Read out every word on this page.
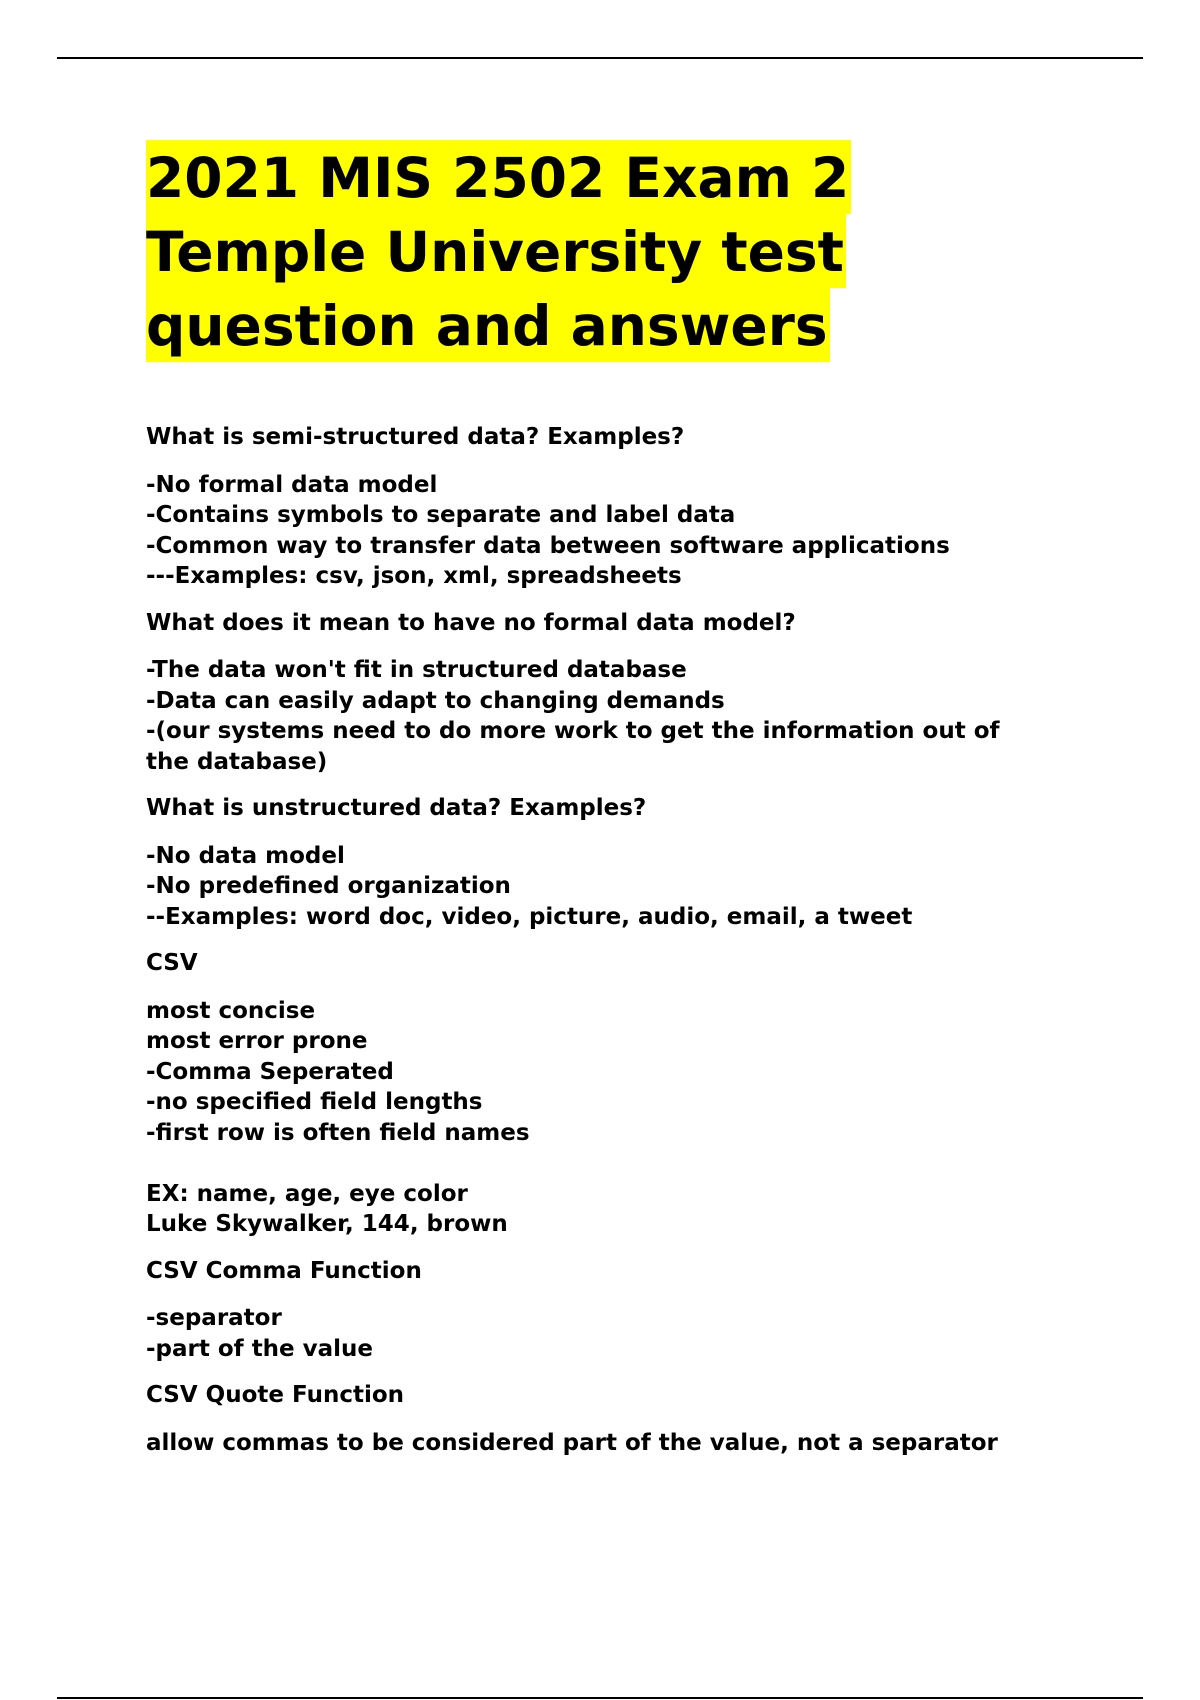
2021 MIS 2502 Exam 2
Temple University test
question and answers

What is semi-structured data? Examples?

-No formal data model

-Contains symbols to separate and label data

-Common way to transfer data between software applications

---Examples: csv, json, xml, spreadsheets

What does it mean to have no formal data model?

-The data won't fit in structured database

-Data can easily adapt to changing demands

-(our systems need to do more work to get the information out of

the database)

What is unstructured data? Examples?

-No data model

-No predefined organization

--Examples: word doc, video, picture, audio, email, a tweet

CSV

most concise

most error prone

-Comma Seperated

-no specified field lengths

-first row is often field names

EX: name, age, eye color

Luke Skywalker, 144, brown

CSV Comma Function

-separator

-part of the value

CSV Quote Function

allow commas to be considered part of the value, not a separator
